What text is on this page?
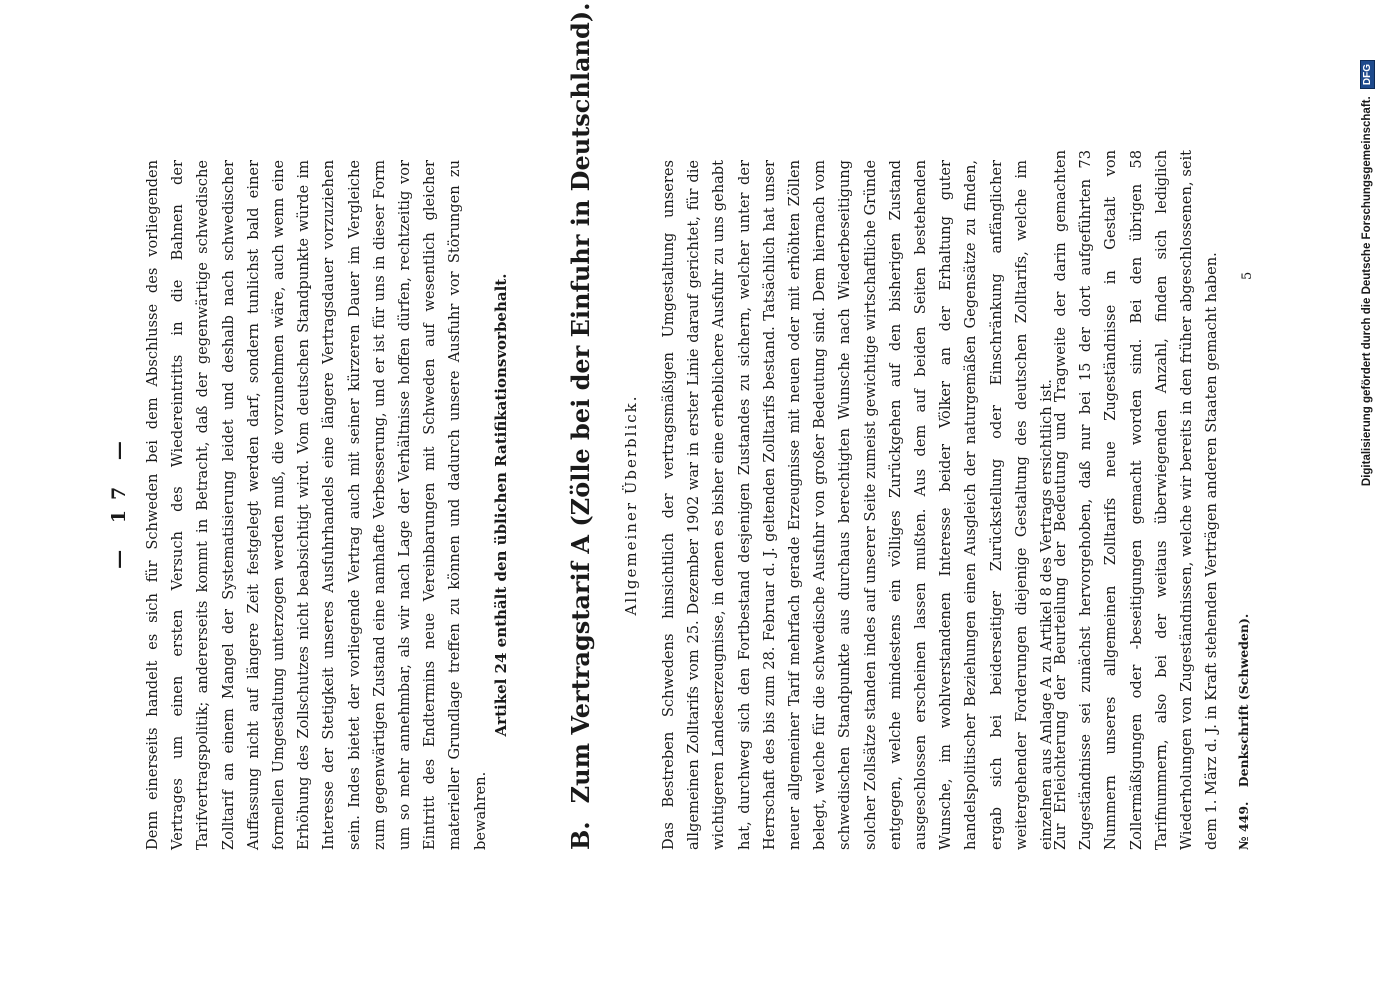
— 17 — Denn einerseits handelt es sich für Schweden bei dem Abschlusse des vorliegenden Vertrages um einen ersten Versuch des Wiedereintritts in die Bahnen der Tarifvertragspolitik; andererseits kommt in Betracht, daß der gegenwärtige schwedische Zolltarif an einem Mangel der Systematisierung leidet und deshalb nach schwedischer Auffassung nicht auf längere Zeit festgelegt werden darf, sondern tunlichst bald einer formellen Umgestaltung unterzogen werden muß, die vorzunehmen wäre, auch wenn eine Erhöhung des Zollschutzes nicht beabsichtigt wird. Vom deutschen Standpunkte würde im Interesse der Stetigkeit unseres Ausfuhrhandels eine längere Vertragsdauer vorzuziehen sein. Indes bietet der vorliegende Vertrag auch mit seiner kürzeren Dauer im Vergleiche zum gegenwärtigen Zustand eine namhafte Verbesserung, und er ist für uns in dieser Form um so mehr annehmbar, als wir nach Lage der Verhältnisse hoffen dürfen, rechtzeitig vor Eintritt des Endtermins neue Vereinbarungen mit Schweden auf wesentlich gleicher materieller Grundlage treffen zu können und dadurch unsere Ausfuhr vor Störungen zu bewahren.

Artikel 24 enthält den üblichen Ratifikationsvorbehalt.
B.Zum Vertragstarif A (Zölle bei der Einfuhr in Deutschland). Allgemeiner Überblick. Das Bestreben Schwedens hinsichtlich der vertragsmäßigen Umgestaltung unseres allgemeinen Zolltarifs vom 25. Dezember 1902 war in erster Linie darauf gerichtet, für die wichtigeren Landeserzeugnisse, in denen es bisher eine erheblichere Ausfuhr zu uns gehabt hat, durchweg sich den Fortbestand desjenigen Zustandes zu sichern, welcher unter der Herrschaft des bis zum 28. Februar d. J. geltenden Zolltarifs bestand. Tatsächlich hat unser neuer allgemeiner Tarif mehrfach gerade Erzeugnisse mit neuen oder mit erhöhten Zöllen belegt, welche für die schwedische Ausfuhr von großer Bedeutung sind. Dem hiernach vom schwedischen Standpunkte aus durchaus berechtigten Wunsche nach Wiederbeseitigung solcher Zollsätze standen indes auf unserer Seite zumeist gewichtige wirtschaftliche Gründe entgegen, welche mindestens ein völliges Zurückgehen auf den bisherigen Zustand ausgeschlossen erscheinen lassen mußten. Aus dem auf beiden Seiten bestehenden Wunsche, im wohlverstandenen Interesse beider Völker an der Erhaltung guter handelspolitischer Beziehungen einen Ausgleich der naturgemäßen Gegensätze zu finden, ergab sich bei beiderseitiger Zurückstellung oder Einschränkung anfänglicher weitergehender Forderungen diejenige Gestaltung des deutschen Zolltarifs, welche im einzelnen aus Anlage A zu Artikel 8 des Vertrags ersichtlich ist.

Zur Erleichterung der Beurteilung der Bedeutung und Tragweite der darin gemachten Zugeständnisse sei zunächst hervorgehoben, daß nur bei 15 der dort aufgeführten 73 Nummern unseres allgemeinen Zolltarifs neue Zugeständnisse in Gestalt von Zollermäßigungen oder -beseitigungen gemacht worden sind. Bei den übrigen 58 Tarifnummern, also bei der weitaus überwiegenden Anzahl, finden sich lediglich Wiederholungen von Zugeständnissen, welche wir bereits in den früher abgeschlossenen, seit dem 1. März d. J. in Kraft stehenden Verträgen anderen Staaten gemacht haben.	№ 449. Denkschrift (Schweden).
5	Digitalisierung gefördert durch die Deutsche Forschungsgemeinschaft. DFG
